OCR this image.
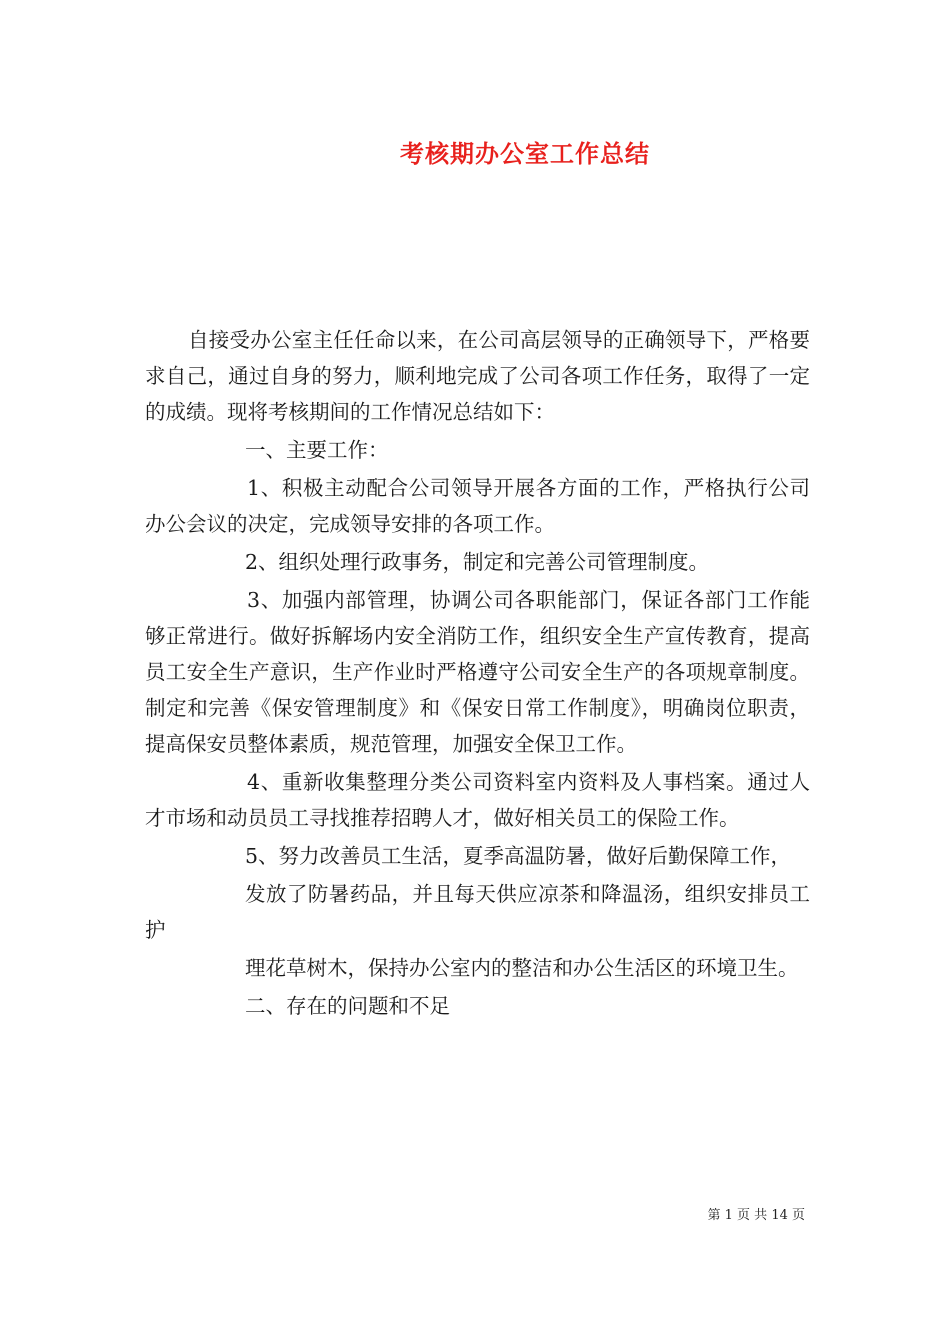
考核期办公室工作总结

自接受办公室主任任命以来，在公司高层领导的正确领导下，严格要求自己，通过自身的努力，顺利地完成了公司各项工作任务，取得了一定的成绩。现将考核期间的工作情况总结如下：

一、主要工作：

1、积极主动配合公司领导开展各方面的工作，严格执行公司办公会议的决定，完成领导安排的各项工作。

2、组织处理行政事务，制定和完善公司管理制度。

3、加强内部管理，协调公司各职能部门，保证各部门工作能够正常进行。做好拆解场内安全消防工作，组织安全生产宣传教育，提高员工安全生产意识，生产作业时严格遵守公司安全生产的各项规章制度。制定和完善《保安管理制度》和《保安日常工作制度》，明确岗位职责，提高保安员整体素质，规范管理，加强安全保卫工作。

4、重新收集整理分类公司资料室内资料及人事档案。通过人才市场和动员员工寻找推荐招聘人才，做好相关员工的保险工作。

5、努力改善员工生活，夏季高温防暑，做好后勤保障工作，

发放了防暑药品，并且每天供应凉茶和降温汤，组织安排员工护

理花草树木，保持办公室内的整洁和办公生活区的环境卫生。

二、存在的问题和不足

第 1 页 共 14 页
